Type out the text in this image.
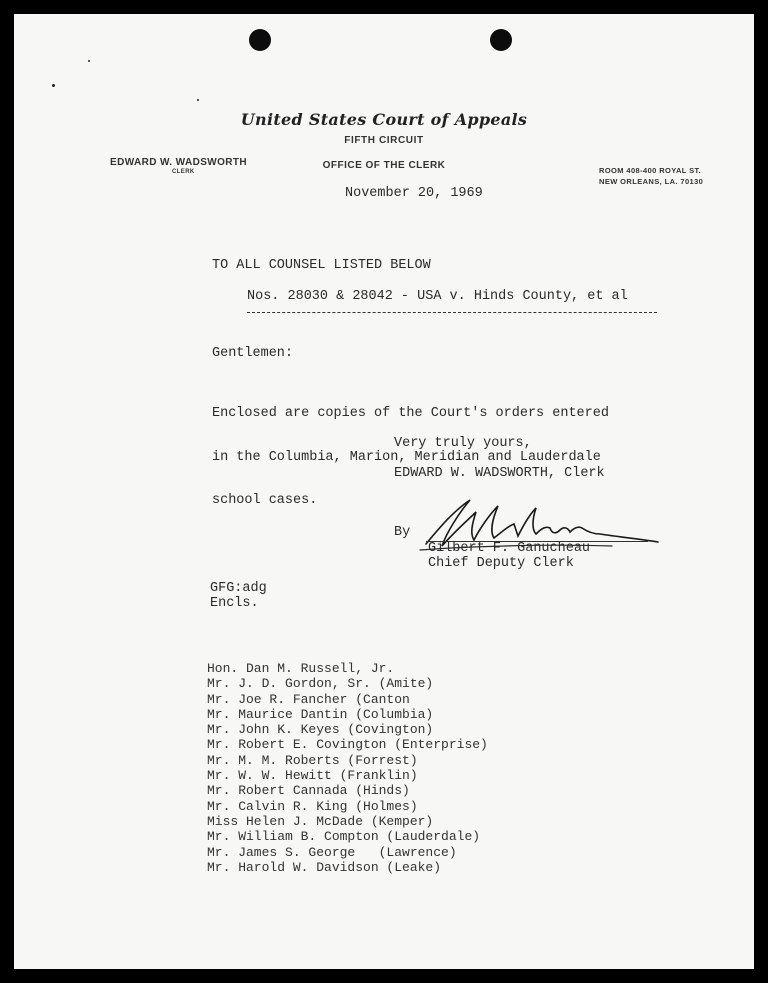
United States Court of Appeals
FIFTH CIRCUIT
OFFICE OF THE CLERK
EDWARD W. WADSWORTH
CLERK	ROOM 408-400 ROYAL ST.
NEW ORLEANS, LA. 70130
November 20, 1969
TO ALL COUNSEL LISTED BELOW
Nos. 28030 & 28042 - USA v. Hinds County, et al
Gentlemen:

Enclosed are copies of the Court's orders entered

in the Columbia, Marion, Meridian and Lauderdale

school cases.

Very truly yours,
EDWARD W. WADSWORTH, Clerk
By
Gilbert F. Ganucheau
Chief Deputy Clerk
GFG:adg
Encls.
Hon. Dan M. Russell, Jr.
Mr. J. D. Gordon, Sr. (Amite)
Mr. Joe R. Fancher (Canton
Mr. Maurice Dantin (Columbia)
Mr. John K. Keyes (Covington)
Mr. Robert E. Covington (Enterprise)
Mr. M. M. Roberts (Forrest)
Mr. W. W. Hewitt (Franklin)
Mr. Robert Cannada (Hinds)
Mr. Calvin R. King (Holmes)
Miss Helen J. McDade (Kemper)
Mr. William B. Compton (Lauderdale)
Mr. James S. George   (Lawrence)
Mr. Harold W. Davidson (Leake)
